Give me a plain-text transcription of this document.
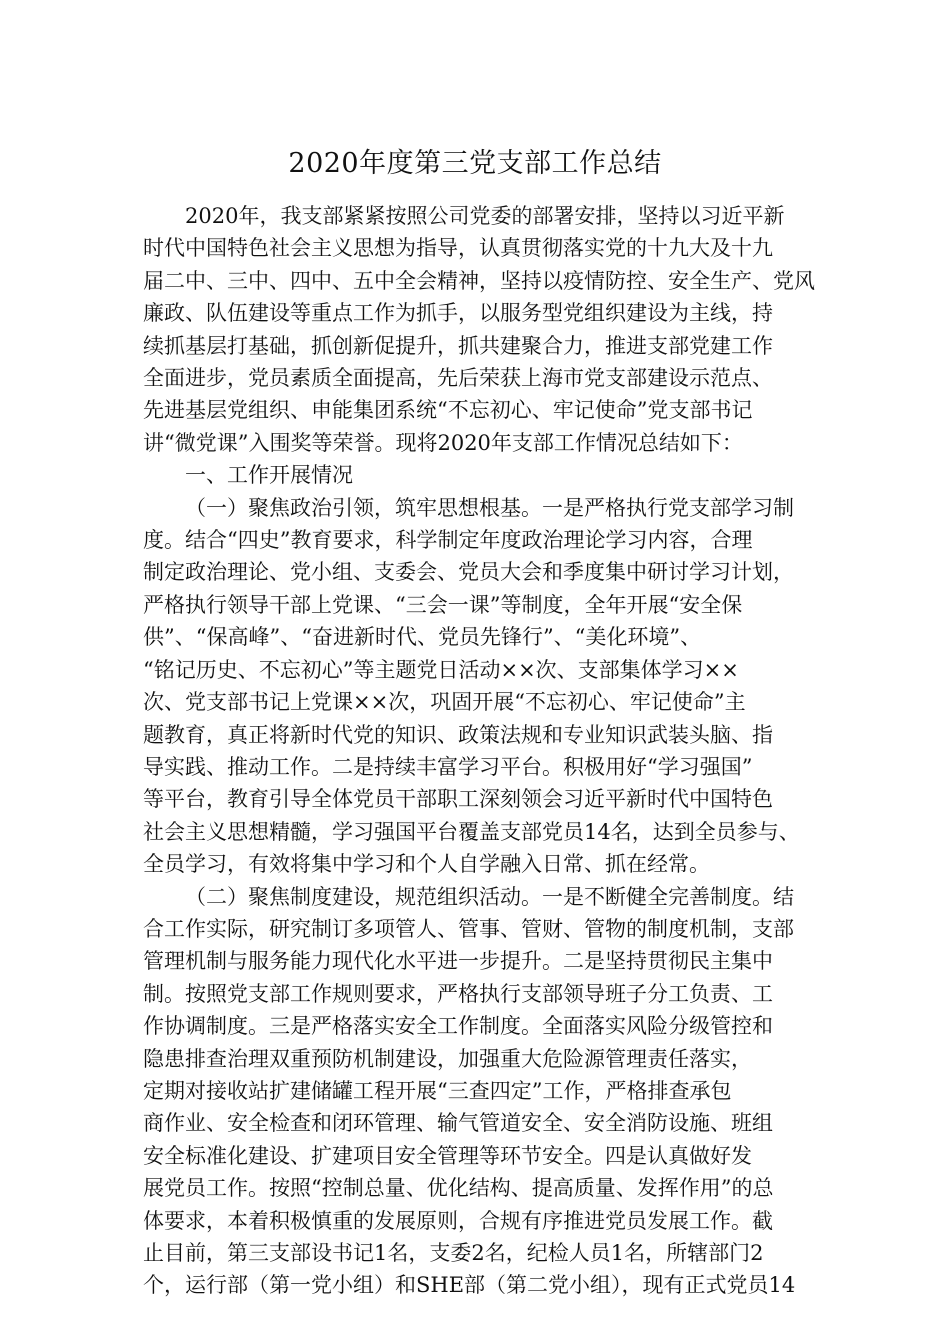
2020年度第三党支部工作总结
2020年，我支部紧紧按照公司党委的部署安排，坚持以习近平新
时代中国特色社会主义思想为指导，认真贯彻落实党的十九大及十九
届二中、三中、四中、五中全会精神，坚持以疫情防控、安全生产、党风
廉政、队伍建设等重点工作为抓手，以服务型党组织建设为主线，持
续抓基层打基础，抓创新促提升，抓共建聚合力，推进支部党建工作
全面进步，党员素质全面提高，先后荣获上海市党支部建设示范点、
先进基层党组织、申能集团系统“不忘初心、牢记使命”党支部书记
讲“微党课”入围奖等荣誉。现将2020年支部工作情况总结如下：
一、工作开展情况
（一）聚焦政治引领，筑牢思想根基。一是严格执行党支部学习制
度。结合“四史”教育要求，科学制定年度政治理论学习内容，合理
制定政治理论、党小组、支委会、党员大会和季度集中研讨学习计划，
严格执行领导干部上党课、“三会一课”等制度，全年开展“安全保
供”、“保高峰”、“奋进新时代、党员先锋行”、“美化环境”、
“铭记历史、不忘初心”等主题党日活动××次、支部集体学习××
次、党支部书记上党课××次，巩固开展“不忘初心、牢记使命”主
题教育，真正将新时代党的知识、政策法规和专业知识武装头脑、指
导实践、推动工作。二是持续丰富学习平台。积极用好“学习强国”
等平台，教育引导全体党员干部职工深刻领会习近平新时代中国特色
社会主义思想精髓，学习强国平台覆盖支部党员14名，达到全员参与、
全员学习，有效将集中学习和个人自学融入日常、抓在经常。
（二）聚焦制度建设，规范组织活动。一是不断健全完善制度。结
合工作实际，研究制订多项管人、管事、管财、管物的制度机制，支部
管理机制与服务能力现代化水平进一步提升。二是坚持贯彻民主集中
制。按照党支部工作规则要求，严格执行支部领导班子分工负责、工
作协调制度。三是严格落实安全工作制度。全面落实风险分级管控和
隐患排查治理双重预防机制建设，加强重大危险源管理责任落实，
定期对接收站扩建储罐工程开展“三查四定”工作，严格排查承包
商作业、安全检查和闭环管理、输气管道安全、安全消防设施、班组
安全标准化建设、扩建项目安全管理等环节安全。四是认真做好发
展党员工作。按照“控制总量、优化结构、提高质量、发挥作用”的总
体要求，本着积极慎重的发展原则，合规有序推进党员发展工作。截
止目前，第三支部设书记1名，支委2名，纪检人员1名，所辖部门2
个，运行部（第一党小组）和SHE部（第二党小组），现有正式党员14
